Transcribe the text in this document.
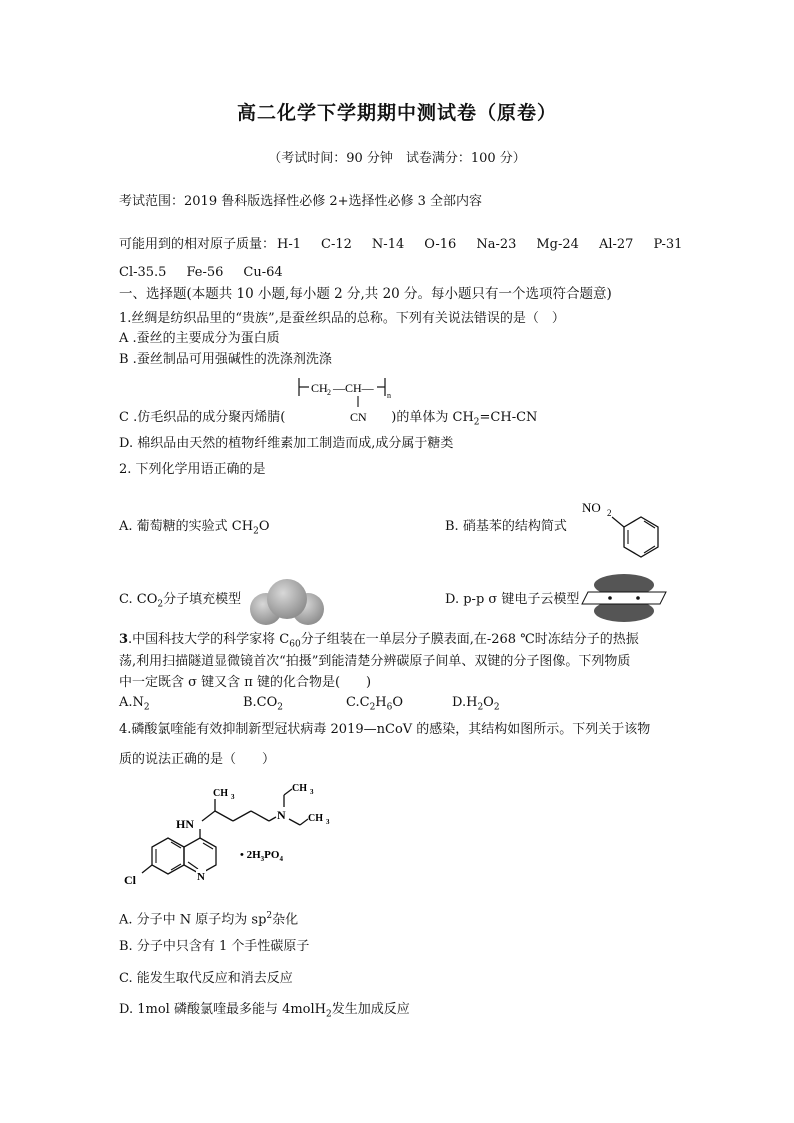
高二化学下学期期中测试卷（原卷）
（考试时间：90 分钟　试卷满分：100 分）
考试范围：2019 鲁科版选择性必修 2+选择性必修 3 全部内容
可能用到的相对原子质量： H-1 C-12 N-14 O-16 Na-23 Mg-24 Al-27 P-31
Cl-35.5 Fe-56 Cu-64
一、选择题(本题共 10 小题,每小题 2 分,共 20 分。每小题只有一个选项符合题意)
1.丝绸是纺织品里的“贵族”,是蚕丝织品的总称。下列有关说法错误的是（　）
A .蚕丝的主要成分为蛋白质
B .蚕丝制品可用强碱性的洗涤剂洗涤
CH 2 —CH—
n
CN
C .仿毛织品的成分聚丙烯腈(	)的单体为 $CH_2=CH-CN$
D. 棉织品由天然的植物纤维素加工制造而成,成分属于糖类
2. 下列化学用语正确的是
A. 葡萄糖的实验式 $CH_2O$	B. 硝基苯的结构简式
NO 2
C. $CO_2$分子填充模型	D. p-p σ 键电子云模型
3.中国科技大学的科学家将 $C_{60}$分子组装在一单层分子膜表面,在-268 ℃时冻结分子的热振
荡,利用扫描隧道显微镜首次“拍摄”到能清楚分辨碳原子间单、双键的分子图像。下列物质
中一定既含 σ 键又含 π 键的化合物是(　　)
$A.N_2$	$B.CO_2$	$C.C_2H_6O$	$D.H_2O_2$
4.磷酸氯喹能有效抑制新型冠状病毒 2019—nCoV 的感染，其结构如图所示。下列关于该物
质的说法正确的是（　　）
HN
CH 3
N
CH 3
CH 3
N
Cl
• $2H_3PO_4$
A. 分子中 N 原子均为 $sp^2$杂化
B. 分子中只含有 1 个手性碳原子
C. 能发生取代反应和消去反应
D. 1mol 磷酸氯喹最多能与 4molH$_2$发生加成反应
